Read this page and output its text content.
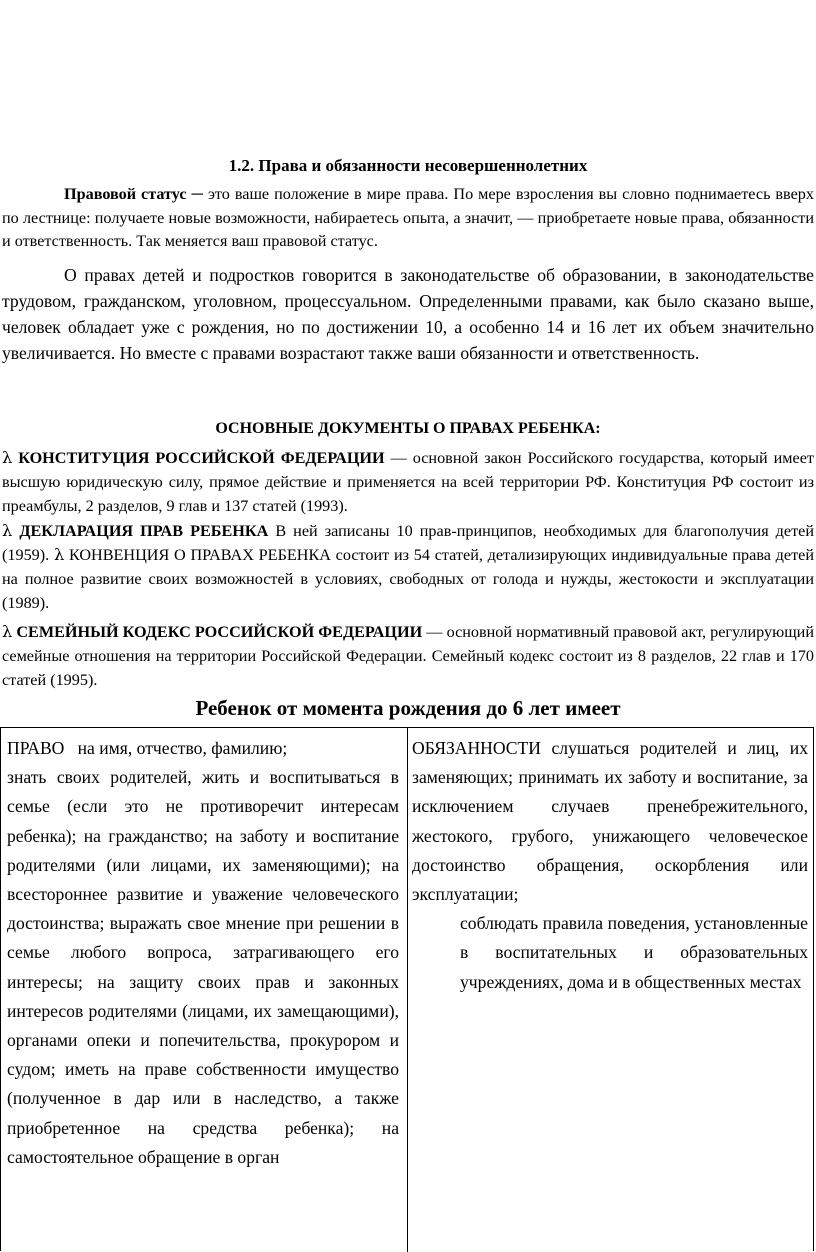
1.2. Права и обязанности несовершеннолетних

Правовой статус ─ это ваше положение в мире права. По мере взросления вы словно поднимаетесь вверх по лестнице: получаете новые возможности, набираетесь опыта, а значит, — приобретаете новые права, обязанности и ответственность. Так меняется ваш правовой статус.

О правах детей и подростков говорится в законодательстве об образовании, в законодательстве трудовом, гражданском, уголовном, процессуальном. Определенными правами, как было сказано выше, человек обладает уже с рождения, но по достижении 10, а особенно 14 и 16 лет их объем значительно увеличивается. Но вместе с правами возрастают также ваши обязанности и ответственность.

ОСНОВНЫЕ ДОКУМЕНТЫ О ПРАВАХ РЕБЕНКА:

λ КОНСТИТУЦИЯ РОССИЙСКОЙ ФЕДЕРАЦИИ — основной закон Российского государства, который имеет высшую юридическую силу, прямое действие и применяется на всей территории РФ. Конституция РФ состоит из преамбулы, 2 разделов, 9 глав и 137 статей (1993).

λ ДЕКЛАРАЦИЯ ПРАВ РЕБЕНКА В ней записаны 10 прав-принципов, необходимых для благополучия детей (1959). λ КОНВЕНЦИЯ О ПРАВАХ РЕБЕНКА состоит из 54 статей, детализирующих индивидуальные права детей на полное развитие своих возможностей в условиях, свободных от голода и нужды, жестокости и эксплуатации (1989).

λ СЕМЕЙНЫЙ КОДЕКС РОССИЙСКОЙ ФЕДЕРАЦИИ — основной нормативный правовой акт, регулирующий семейные отношения на территории Российской Федерации. Семейный кодекс состоит из 8 разделов, 22 глав и 170 статей (1995).

Ребенок от момента рождения до 6 лет имеет
ПРАВО   на имя, отчество, фамилию;
знать своих родителей, жить и воспитываться в семье (если это не противоречит интересам ребенка); на гражданство; на заботу и воспитание родителями (или лицами, их заменяющими); на всестороннее развитие и уважение человеческого достоинства; выражать свое мнение при решении в семье любого вопроса, затрагивающего его интересы; на защиту своих прав и законных интересов родителями (лицами, их замещающими), органами опеки и попечительства, прокурором и судом; иметь на праве собственности имущество (полученное в дар или в наследство, а также приобретенное на средства ребенка); на самостоятельное обращение в орган
ОБЯЗАННОСТИ слушаться родителей и лиц, их заменяющих; принимать их заботу и воспитание, за исключением случаев пренебрежительного, жестокого, грубого, унижающего человеческое достоинство обращения, оскорбления или эксплуатации;
соблюдать правила поведения, установленные в воспитательных и образовательных учреждениях, дома и в общественных местах
